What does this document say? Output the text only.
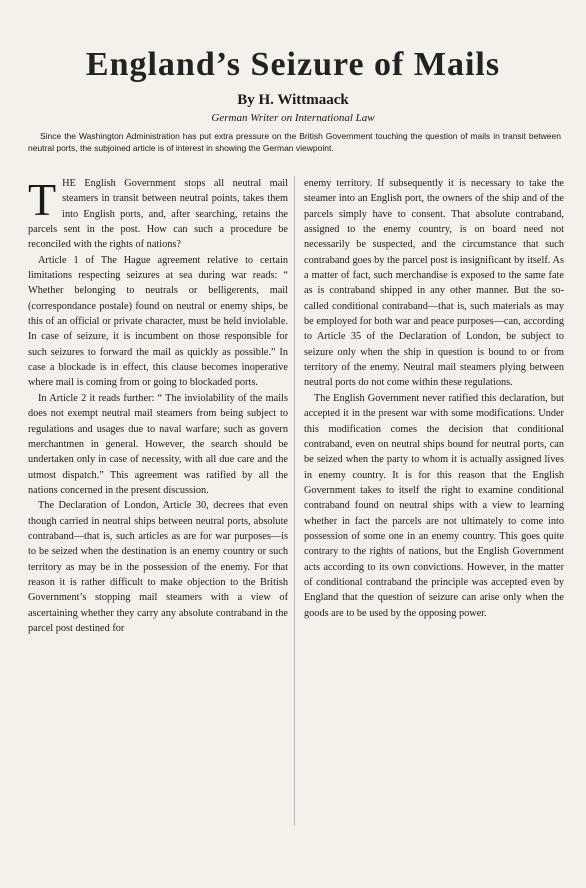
England’s Seizure of Mails
By H. Wittmaack
German Writer on International Law
Since the Washington Administration has put extra pressure on the British Government touching the question of mails in transit between neutral ports, the subjoined article is of interest in showing the German viewpoint.

THE English Government stops all neutral mail steamers in transit between neutral points, takes them into English ports, and, after searching, retains the parcels sent in the post. How can such a procedure be reconciled with the rights of nations?

Article 1 of The Hague agreement relative to certain limitations respecting seizures at sea during war reads: “ Whether belonging to neutrals or belligerents, mail (correspondance postale) found on neutral or enemy ships, be this of an official or private character, must be held inviolable. In case of seizure, it is incumbent on those responsible for such seizures to forward the mail as quickly as possible.” In case a blockade is in effect, this clause becomes inoperative where mail is coming from or going to blockaded ports.

In Article 2 it reads further: “ The inviolability of the mails does not exempt neutral mail steamers from being subject to regulations and usages due to naval warfare; such as govern merchantmen in general. However, the search should be undertaken only in case of necessity, with all due care and the utmost dispatch.” This agreement was ratified by all the nations concerned in the present discussion.

The Declaration of London, Article 30, decrees that even though carried in neutral ships between neutral ports, absolute contraband—that is, such articles as are for war purposes—is to be seized when the destination is an enemy country or such territory as may be in the possession of the enemy. For that reason it is rather difficult to make objection to the British Government’s stopping mail steamers with a view of ascertaining whether they carry any absolute contraband in the parcel post destined for

enemy territory. If subsequently it is necessary to take the steamer into an English port, the owners of the ship and of the parcels simply have to consent. That absolute contraband, assigned to the enemy country, is on board need not necessarily be suspected, and the circumstance that such contraband goes by the parcel post is insignificant by itself. As a matter of fact, such merchandise is exposed to the same fate as is contraband shipped in any other manner. But the so-called conditional contraband—that is, such materials as may be employed for both war and peace purposes—can, according to Article 35 of the Declaration of London, be subject to seizure only when the ship in question is bound to or from territory of the enemy. Neutral mail steamers plying between neutral ports do not come within these regulations.

The English Government never ratified this declaration, but accepted it in the present war with some modifications. Under this modification comes the decision that conditional contraband, even on neutral ships bound for neutral ports, can be seized when the party to whom it is actually assigned lives in enemy country. It is for this reason that the English Government takes to itself the right to examine conditional contraband found on neutral ships with a view to learning whether in fact the parcels are not ultimately to come into possession of some one in an enemy country. This goes quite contrary to the rights of nations, but the English Government acts according to its own convictions. However, in the matter of conditional contraband the principle was accepted even by England that the question of seizure can arise only when the goods are to be used by the opposing power.
